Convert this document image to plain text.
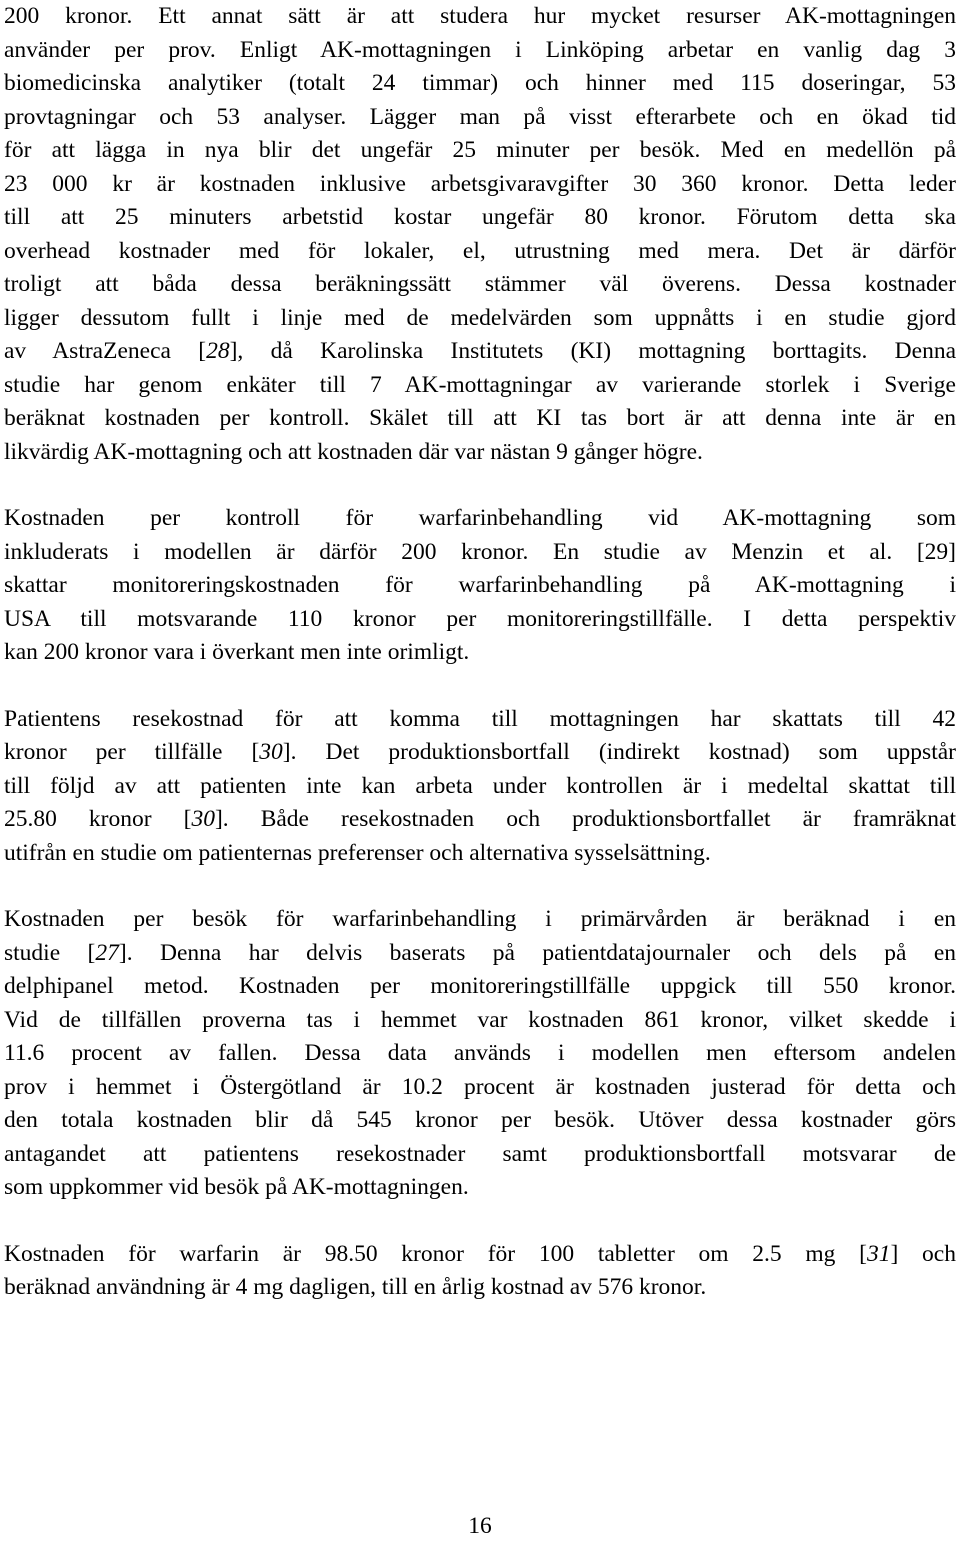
200 kronor. Ett annat sätt är att studera hur mycket resurser AK-mottagningen
använder per prov. Enligt AK-mottagningen i Linköping arbetar en vanlig dag 3
biomedicinska analytiker (totalt 24 timmar) och hinner med 115 doseringar, 53
provtagningar och 53 analyser. Lägger man på visst efterarbete och en ökad tid
för att lägga in nya blir det ungefär 25 minuter per besök. Med en medellön på
23 000 kr är kostnaden inklusive arbetsgivaravgifter 30 360 kronor. Detta leder
till att 25 minuters arbetstid kostar ungefär 80 kronor. Förutom detta ska
overhead kostnader med för lokaler, el, utrustning med mera. Det är därför
troligt att båda dessa beräkningssätt stämmer väl överens. Dessa kostnader
ligger dessutom fullt i linje med de medelvärden som uppnåtts i en studie gjord
av AstraZeneca [28], då Karolinska Institutets (KI) mottagning borttagits. Denna
studie har genom enkäter till 7 AK-mottagningar av varierande storlek i Sverige
beräknat kostnaden per kontroll. Skälet till att KI tas bort är att denna inte är en
likvärdig AK-mottagning och att kostnaden där var nästan 9 gånger högre.

Kostnaden per kontroll för warfarinbehandling vid AK-mottagning som
inkluderats i modellen är därför 200 kronor. En studie av Menzin et al. [29]
skattar monitoreringskostnaden för warfarinbehandling på AK-mottagning i
USA till motsvarande 110 kronor per monitoreringstillfälle. I detta perspektiv
kan 200 kronor vara i överkant men inte orimligt.

Patientens resekostnad för att komma till mottagningen har skattats till 42
kronor per tillfälle [30]. Det produktionsbortfall (indirekt kostnad) som uppstår
till följd av att patienten inte kan arbeta under kontrollen är i medeltal skattat till
25.80 kronor [30]. Både resekostnaden och produktionsbortfallet är framräknat
utifrån en studie om patienternas preferenser och alternativa sysselsättning.

Kostnaden per besök för warfarinbehandling i primärvården är beräknad i en
studie [27]. Denna har delvis baserats på patientdatajournaler och dels på en
delphipanel metod. Kostnaden per monitoreringstillfälle uppgick till 550 kronor.
Vid de tillfällen proverna tas i hemmet var kostnaden 861 kronor, vilket skedde i
11.6 procent av fallen. Dessa data används i modellen men eftersom andelen
prov i hemmet i Östergötland är 10.2 procent är kostnaden justerad för detta och
den totala kostnaden blir då 545 kronor per besök. Utöver dessa kostnader görs
antagandet att patientens resekostnader samt produktionsbortfall motsvarar de
som uppkommer vid besök på AK-mottagningen.

Kostnaden för warfarin är 98.50 kronor för 100 tabletter om 2.5 mg [31] och
beräknad användning är 4 mg dagligen, till en årlig kostnad av 576 kronor.

16
